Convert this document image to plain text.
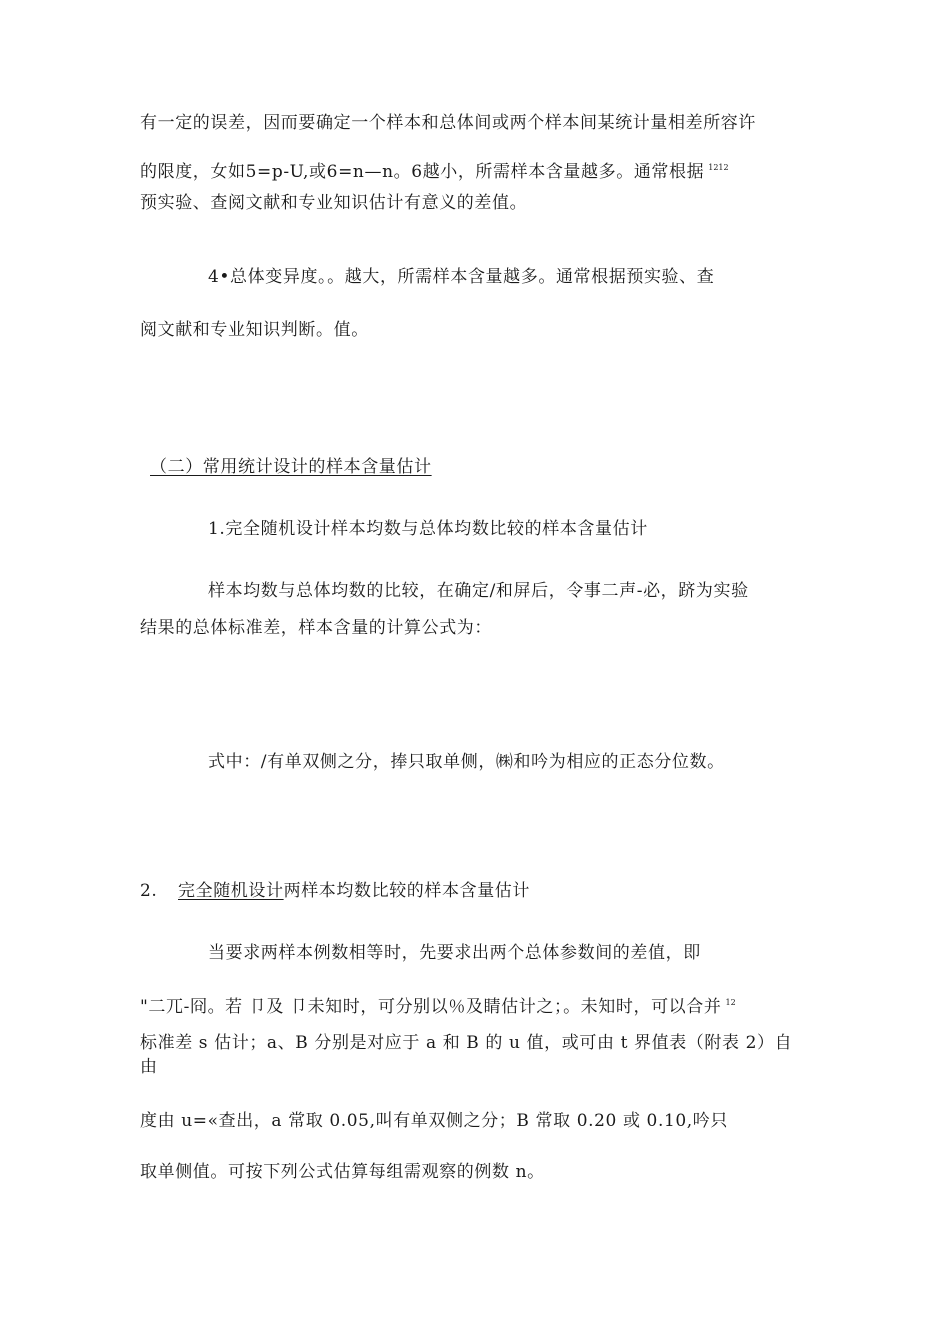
有一定的误差，因而要确定一个样本和总体间或两个样本间某统计量相差所容许
的限度，女如5=p-U,或6=n—n。6越小，所需样本含量越多。通常根据 $^{1212}$
预实验、查阅文献和专业知识估计有意义的差值。
4•总体变异度。。越大，所需样本含量越多。通常根据预实验、查
阅文献和专业知识判断。值。
（二）常用统计设计的样本含量估计
1.完全随机设计样本均数与总体均数比较的样本含量估计
样本均数与总体均数的比较，在确定/和屏后，令事二声-必，跻为实验
结果的总体标准差，样本含量的计算公式为：
式中：/有单双侧之分，捧只取单侧，㈱和吟为相应的正态分位数。
2. 完全随机设计两样本均数比较的样本含量估计
当要求两样本例数相等时，先要求出两个总体参数间的差值，即
"二兀-冏。若 卩及 卩未知时，可分别以％及睛估计之；。未知时，可以合并 $^{12}$
标准差 s 估计；a、B 分别是对应于 a 和 B 的 u 值，或可由 t 界值表（附表 2）自
由
度由 u=«查出，a 常取 0.05,叫有单双侧之分；B 常取 0.20 或 0.10,吟只
取单侧值。可按下列公式估算每组需观察的例数 n。
